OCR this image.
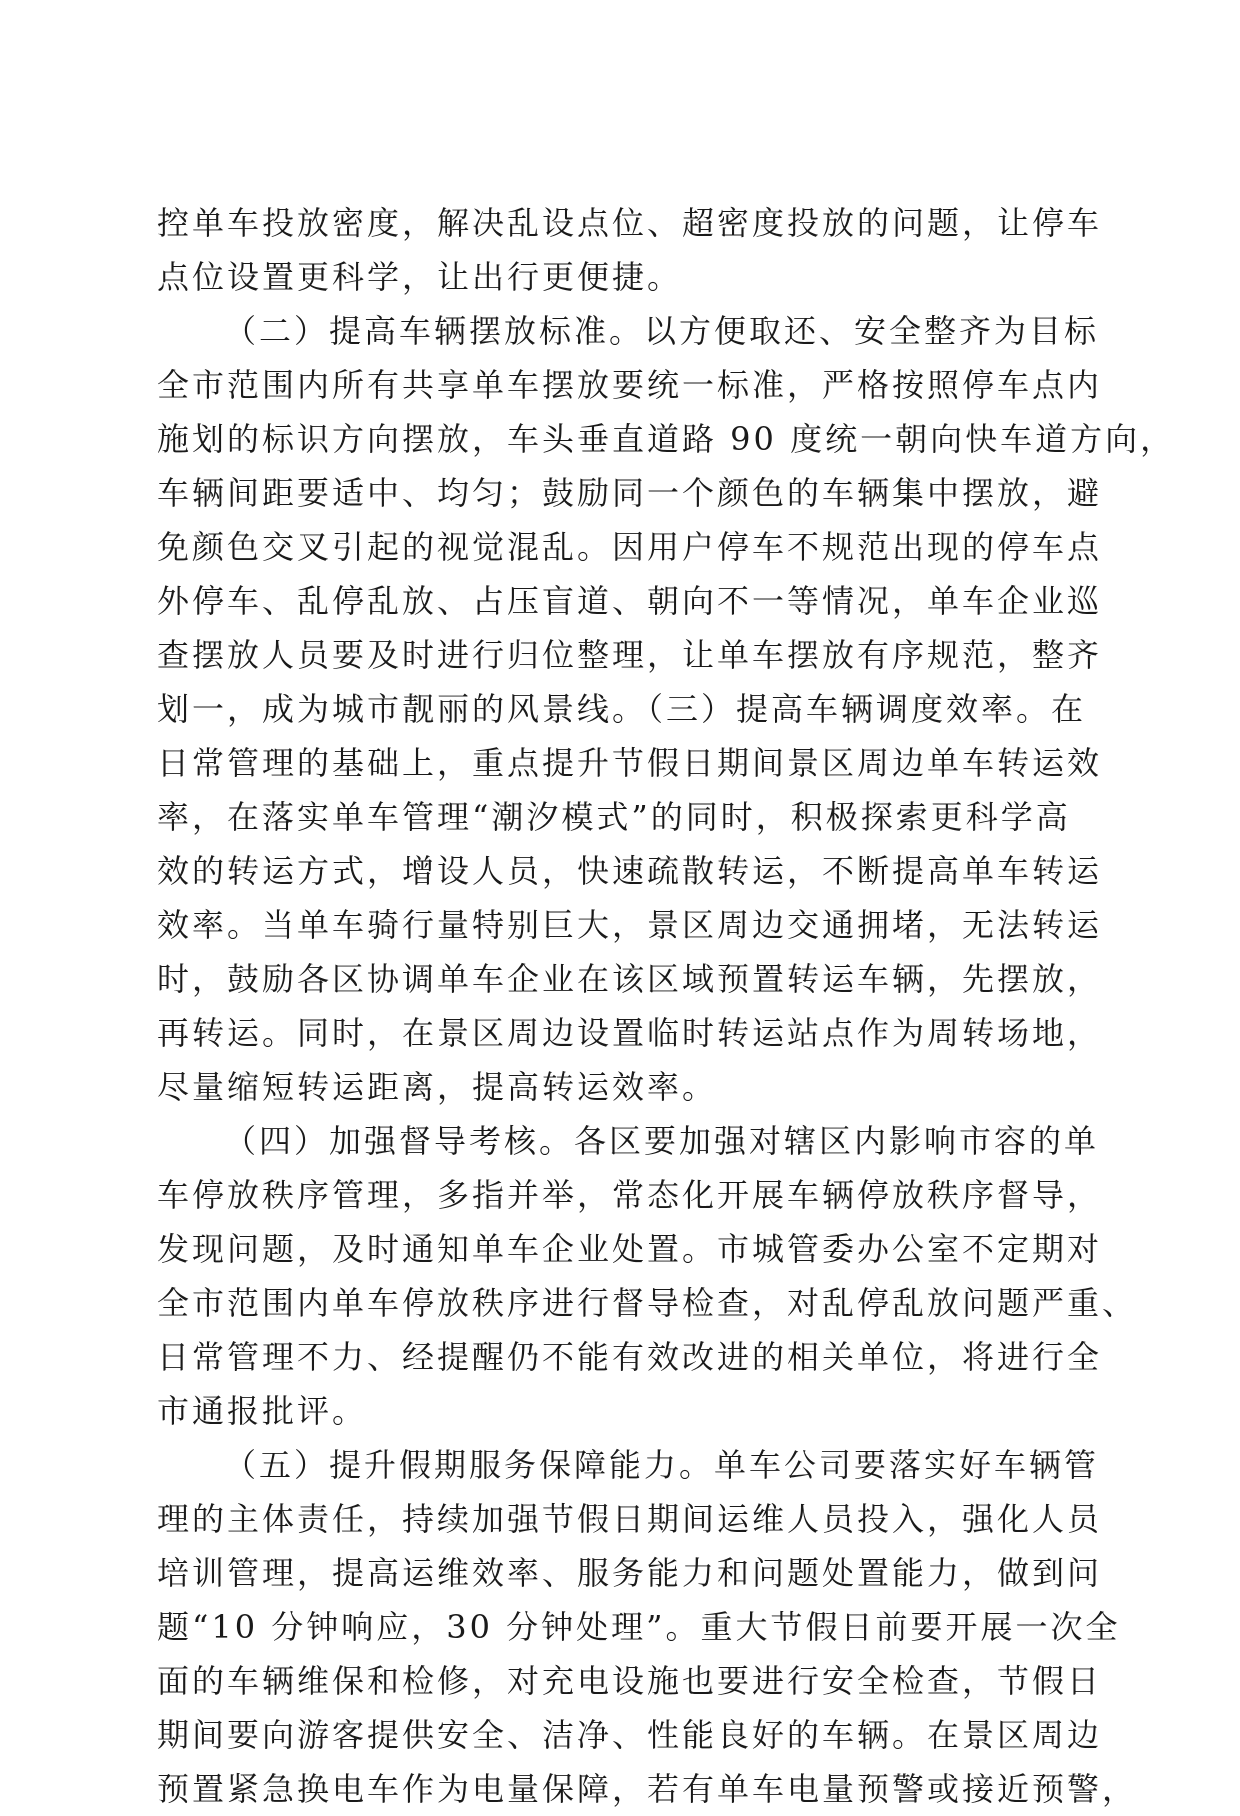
控单车投放密度，解决乱设点位、超密度投放的问题，让停车
点位设置更科学，让出行更便捷。
（二）提高车辆摆放标准。以方便取还、安全整齐为目标
全市范围内所有共享单车摆放要统一标准，严格按照停车点内
施划的标识方向摆放，车头垂直道路 90 度统一朝向快车道方向，
车辆间距要适中、均匀；鼓励同一个颜色的车辆集中摆放，避
免颜色交叉引起的视觉混乱。因用户停车不规范出现的停车点
外停车、乱停乱放、占压盲道、朝向不一等情况，单车企业巡
查摆放人员要及时进行归位整理，让单车摆放有序规范，整齐
划一，成为城市靓丽的风景线。（三）提高车辆调度效率。在
日常管理的基础上，重点提升节假日期间景区周边单车转运效
率，在落实单车管理“潮汐模式”的同时，积极探索更科学高
效的转运方式，增设人员，快速疏散转运，不断提高单车转运
效率。当单车骑行量特别巨大，景区周边交通拥堵，无法转运
时，鼓励各区协调单车企业在该区域预置转运车辆，先摆放，
再转运。同时，在景区周边设置临时转运站点作为周转场地，
尽量缩短转运距离，提高转运效率。
（四）加强督导考核。各区要加强对辖区内影响市容的单
车停放秩序管理，多指并举，常态化开展车辆停放秩序督导，
发现问题，及时通知单车企业处置。市城管委办公室不定期对
全市范围内单车停放秩序进行督导检查，对乱停乱放问题严重、
日常管理不力、经提醒仍不能有效改进的相关单位，将进行全
市通报批评。
（五）提升假期服务保障能力。单车公司要落实好车辆管
理的主体责任，持续加强节假日期间运维人员投入，强化人员
培训管理，提高运维效率、服务能力和问题处置能力，做到问
题“10 分钟响应，30 分钟处理”。重大节假日前要开展一次全
面的车辆维保和检修，对充电设施也要进行安全检查，节假日
期间要向游客提供安全、洁净、性能良好的车辆。在景区周边
预置紧急换电车作为电量保障，若有单车电量预警或接近预警，
